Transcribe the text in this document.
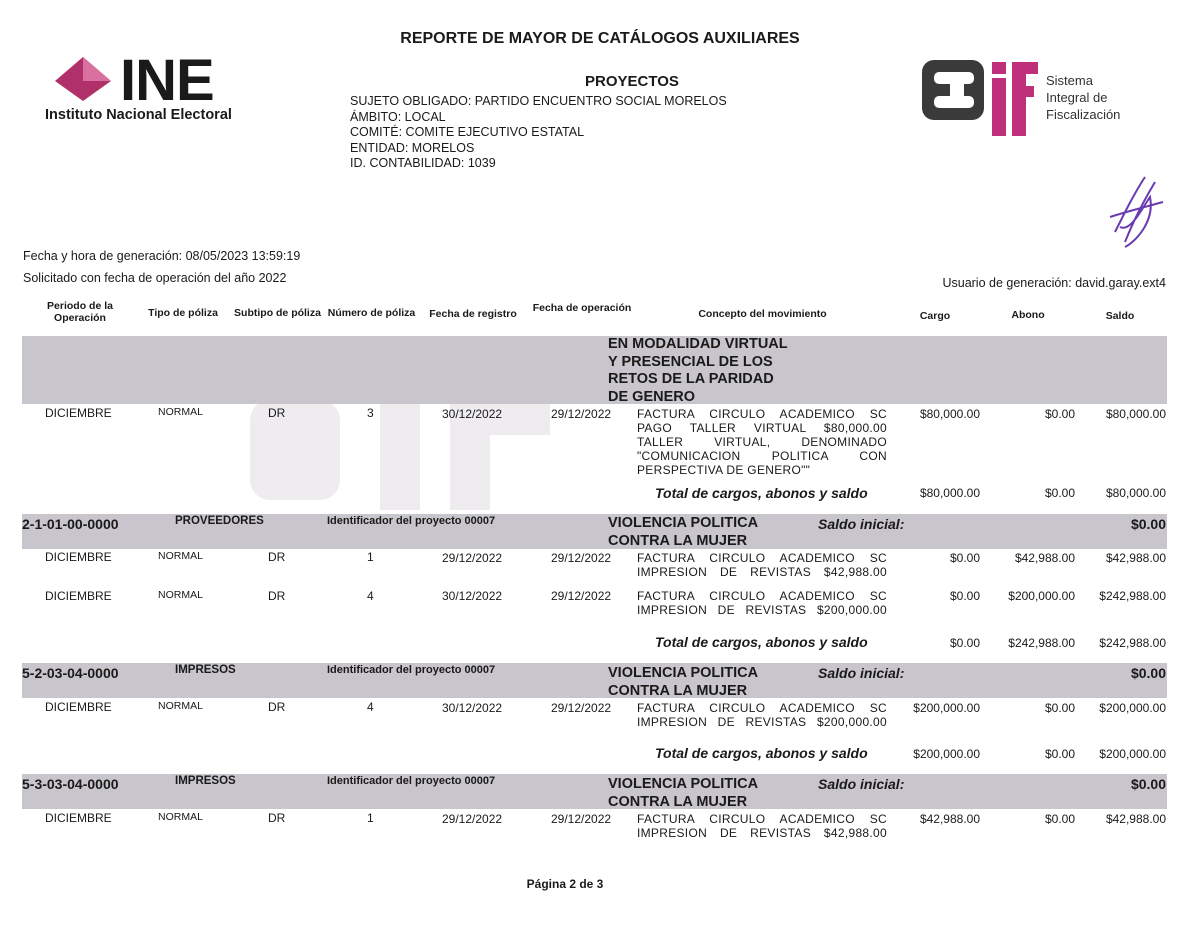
REPORTE DE MAYOR DE CATÁLOGOS AUXILIARES
INE
Instituto Nacional Electoral
PROYECTOS
SUJETO OBLIGADO: PARTIDO ENCUENTRO SOCIAL MORELOS
ÁMBITO: LOCAL
COMITÉ: COMITE EJECUTIVO ESTATAL
ENTIDAD: MORELOS
ID. CONTABILIDAD: 1039
Sistema
Integral de
Fiscalización
Fecha y hora de generación: 08/05/2023 13:59:19
Solicitado con fecha de operación del año 2022	Usuario de generación: david.garay.ext4
Periodo de la Operación	Tipo de póliza	Subtipo de póliza Número de póliza	Fecha de registro	Fecha de operación	Concepto del movimiento	Cargo	Abono	Saldo
EN MODALIDAD VIRTUAL
Y PRESENCIAL DE LOS
RETOS DE LA PARIDAD
DE GENERO
DICIEMBRE	NORMAL	DR	3	30/12/2022	29/12/2022 FACTURA CIRCULO ACADEMICO SC
PAGO TALLER VIRTUAL $80,000.00
TALLER VIRTUAL, DENOMINADO
"COMUNICACION POLITICA CON
PERSPECTIVA DE GENERO""
$80,000.00	$0.00	$80,000.00
Total de cargos, abonos y saldo	$80,000.00	$0.00	$80,000.00
2-1-01-00-0000	PROVEEDORES	Identificador del proyecto 00007	VIOLENCIA POLITICA
CONTRA LA MUJER
Saldo inicial:	$0.00
DICIEMBRE	NORMAL	DR	1	29/12/2022	29/12/2022 FACTURA CIRCULO ACADEMICO SC
IMPRESION DE REVISTAS $42,988.00
$0.00	$42,988.00	$42,988.00
DICIEMBRE	NORMAL	DR	4	30/12/2022	29/12/2022 FACTURA CIRCULO ACADEMICO SC
IMPRESION DE REVISTAS $200,000.00
$0.00 $200,000.00 $242,988.00
Total de cargos, abonos y saldo	$0.00 $242,988.00 $242,988.00
5-2-03-04-0000	IMPRESOS	Identificador del proyecto 00007	VIOLENCIA POLITICA
CONTRA LA MUJER
Saldo inicial:	$0.00
DICIEMBRE	NORMAL	DR	4	30/12/2022	29/12/2022 FACTURA CIRCULO ACADEMICO SC
IMPRESION DE REVISTAS $200,000.00
$200,000.00	$0.00 $200,000.00
Total de cargos, abonos y saldo	$200,000.00	$0.00 $200,000.00
5-3-03-04-0000	IMPRESOS	Identificador del proyecto 00007	VIOLENCIA POLITICA
CONTRA LA MUJER
Saldo inicial:	$0.00
DICIEMBRE	NORMAL	DR	1	29/12/2022	29/12/2022 FACTURA CIRCULO ACADEMICO SC
IMPRESION DE REVISTAS $42,988.00
$42,988.00	$0.00	$42,988.00
Página 2 de 3
